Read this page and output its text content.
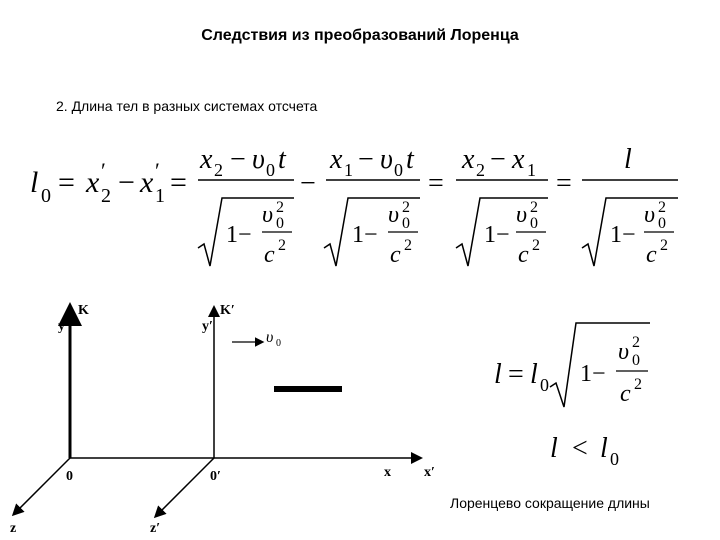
Следствия из преобразований Лоренца
2. Длина тел в разных системах отсчета
l 0 = x ′
2 − x ′
1 =
x 2 − υ 0 t
1−
υ 2
0
c 2
−
x 1 − υ 0 t
1−
υ 2
0
c 2
=
x 2 − x 1
1−
υ 2
0
c 2
=
l
1−
υ 2
0
c 2
K
y
K′
y′
0	0′	x x′
z	z′
υ 0
l = l 0 1−
υ 2
0
c 2
l < l 0
Лоренцево сокращение длины
